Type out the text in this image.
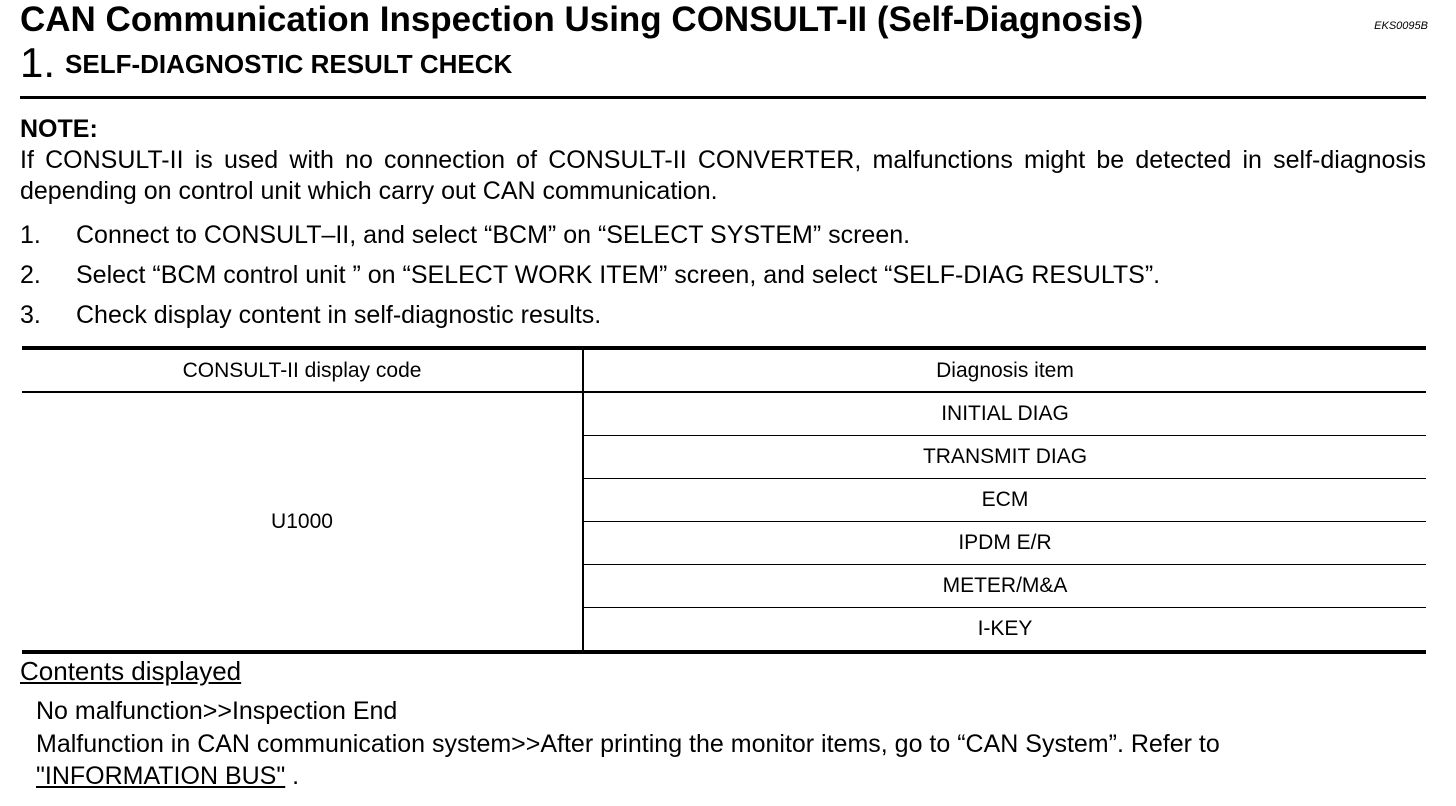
CAN Communication Inspection Using CONSULT-II (Self-Diagnosis)	EKS0095B
1. SELF-DIAGNOSTIC RESULT CHECK
NOTE:
If CONSULT-II is used with no connection of CONSULT-II CONVERTER, malfunctions might be detected in self-diagnosis depending on control unit which carry out CAN communication.
1. Connect to CONSULT–II, and select “BCM” on “SELECT SYSTEM” screen.
2. Select “BCM control unit ” on “SELECT WORK ITEM” screen, and select “SELF-DIAG RESULTS”.
3. Check display content in self-diagnostic results.
CONSULT-II display code	Diagnosis item
U1000	INITIAL DIAG
	TRANSMIT DIAG
	ECM
	IPDM E/R
	METER/M&A
	I-KEY
Contents displayed
No malfunction>>Inspection End
Malfunction in CAN communication system>>After printing the monitor items, go to “CAN System”. Refer to
"INFORMATION BUS" .
